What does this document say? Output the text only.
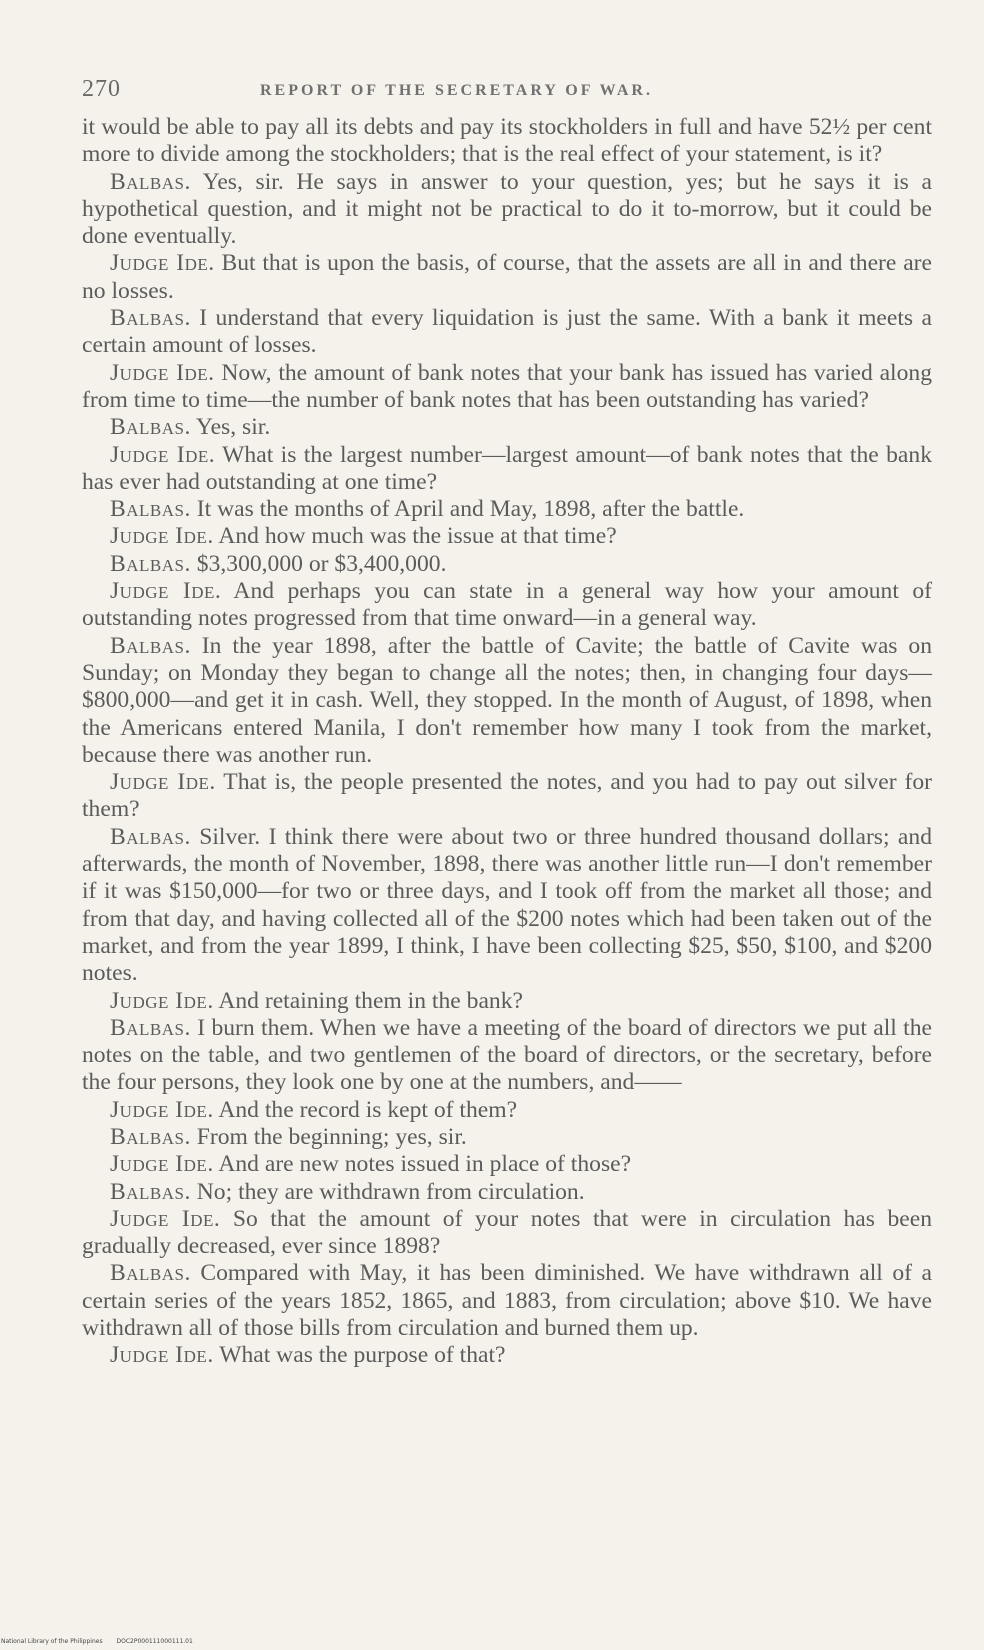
270	REPORT OF THE SECRETARY OF WAR.

it would be able to pay all its debts and pay its stockholders in full and have 52½ per cent more to divide among the stockholders; that is the real effect of your statement, is it?

Balbas. Yes, sir. He says in answer to your question, yes; but he says it is a hypothetical question, and it might not be practical to do it to-morrow, but it could be done eventually.

Judge Ide. But that is upon the basis, of course, that the assets are all in and there are no losses.

Balbas. I understand that every liquidation is just the same. With a bank it meets a certain amount of losses.

Judge Ide. Now, the amount of bank notes that your bank has issued has varied along from time to time—the number of bank notes that has been outstanding has varied?

Balbas. Yes, sir.

Judge Ide. What is the largest number—largest amount—of bank notes that the bank has ever had outstanding at one time?

Balbas. It was the months of April and May, 1898, after the battle.

Judge Ide. And how much was the issue at that time?

Balbas. $3,300,000 or $3,400,000.

Judge Ide. And perhaps you can state in a general way how your amount of outstanding notes progressed from that time onward—in a general way.

Balbas. In the year 1898, after the battle of Cavite; the battle of Cavite was on Sunday; on Monday they began to change all the notes; then, in changing four days—$800,000—and get it in cash. Well, they stopped. In the month of August, of 1898, when the Americans entered Manila, I don't remember how many I took from the market, because there was another run.

Judge Ide. That is, the people presented the notes, and you had to pay out silver for them?

Balbas. Silver. I think there were about two or three hundred thousand dollars; and afterwards, the month of November, 1898, there was another little run—I don't remember if it was $150,000—for two or three days, and I took off from the market all those; and from that day, and having collected all of the $200 notes which had been taken out of the market, and from the year 1899, I think, I have been collecting $25, $50, $100, and $200 notes.

Judge Ide. And retaining them in the bank?

Balbas. I burn them. When we have a meeting of the board of directors we put all the notes on the table, and two gentlemen of the board of directors, or the secretary, before the four persons, they look one by one at the numbers, and——

Judge Ide. And the record is kept of them?

Balbas. From the beginning; yes, sir.

Judge Ide. And are new notes issued in place of those?

Balbas. No; they are withdrawn from circulation.

Judge Ide. So that the amount of your notes that were in circulation has been gradually decreased, ever since 1898?

Balbas. Compared with May, it has been diminished. We have withdrawn all of a certain series of the years 1852, 1865, and 1883, from circulation; above $10. We have withdrawn all of those bills from circulation and burned them up.

Judge Ide. What was the purpose of that?

National Library of the Philippines DOC2P000111000111.01
